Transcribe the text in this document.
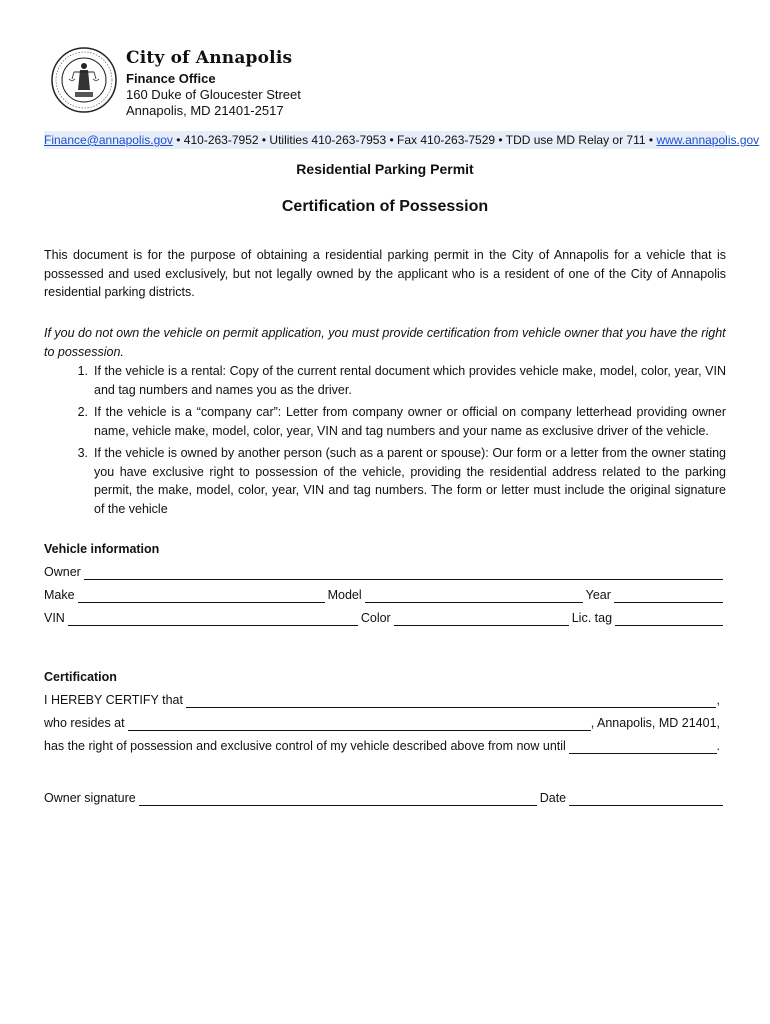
City of Annapolis
Finance Office
160 Duke of Gloucester Street
Annapolis, MD 21401-2517
Finance@annapolis.gov • 410-263-7952 • Utilities 410-263-7953 • Fax 410-263-7529 • TDD use MD Relay or 711 • www.annapolis.gov
Residential Parking Permit
Certification of Possession
This document is for the purpose of obtaining a residential parking permit in the City of Annapolis for a vehicle that is possessed and used exclusively, but not legally owned by the applicant who is a resident of one of the City of Annapolis residential parking districts.
If you do not own the vehicle on permit application, you must provide certification from vehicle owner that you have the right to possession.
1. If the vehicle is a rental: Copy of the current rental document which provides vehicle make, model, color, year, VIN and tag numbers and names you as the driver.
2. If the vehicle is a “company car”: Letter from company owner or official on company letterhead providing owner name, vehicle make, model, color, year, VIN and tag numbers and your name as exclusive driver of the vehicle.
3. If the vehicle is owned by another person (such as a parent or spouse): Our form or a letter from the owner stating you have exclusive right to possession of the vehicle, providing the residential address related to the parking permit, the make, model, color, year, VIN and tag numbers. The form or letter must include the original signature of the vehicle
Vehicle information
Owner
Make	Model	Year
VIN	Color	Lic. tag
Certification
I HEREBY CERTIFY that	,
who resides at	, Annapolis, MD 21401,
has the right of possession and exclusive control of my vehicle described above from now until	.
Owner signature	Date
